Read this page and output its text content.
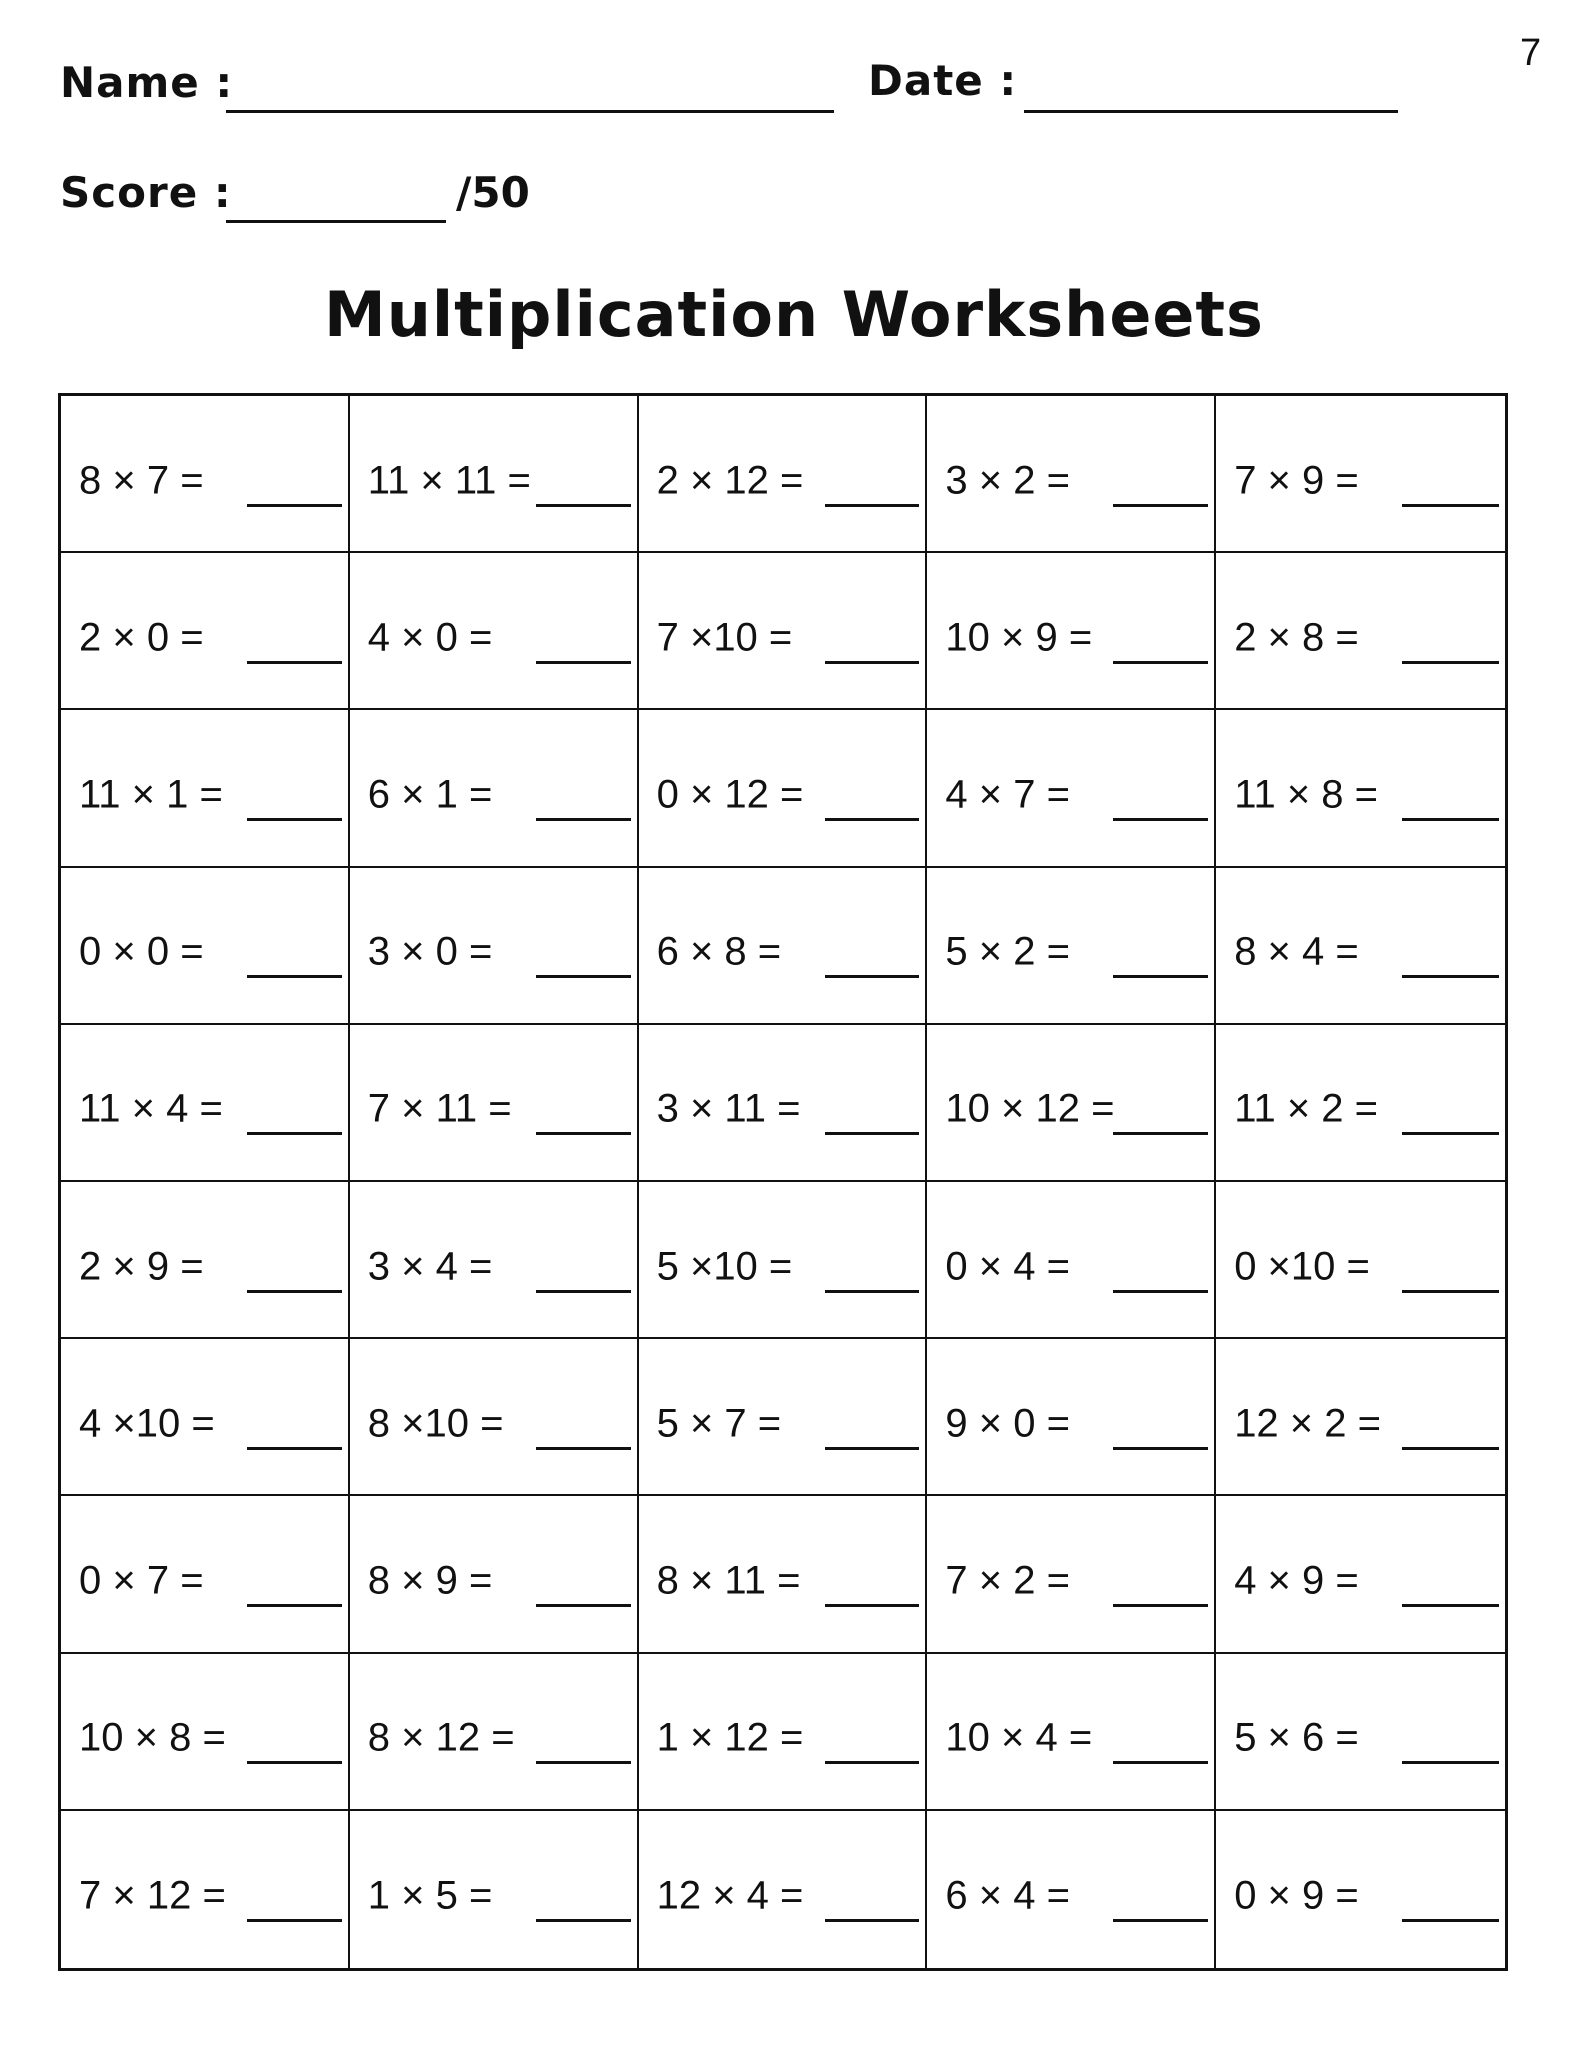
7
Name :	Date :
Score :	/50
Multiplication Worksheets
8 × 7 =	11 × 11 =	2 × 12 =	3 × 2 =	7 × 9 =
2 × 0 =	4 × 0 =	7 ×10 =	10 × 9 =	2 × 8 =
11 × 1 =	6 × 1 =	0 × 12 =	4 × 7 =	11 × 8 =
0 × 0 =	3 × 0 =	6 × 8 =	5 × 2 =	8 × 4 =
11 × 4 =	7 × 11 =	3 × 11 =	10 × 12 =	11 × 2 =
2 × 9 =	3 × 4 =	5 ×10 =	0 × 4 =	0 ×10 =
4 ×10 =	8 ×10 =	5 × 7 =	9 × 0 =	12 × 2 =
0 × 7 =	8 × 9 =	8 × 11 =	7 × 2 =	4 × 9 =
10 × 8 =	8 × 12 =	1 × 12 =	10 × 4 =	5 × 6 =
7 × 12 =	1 × 5 =	12 × 4 =	6 × 4 =	0 × 9 =
